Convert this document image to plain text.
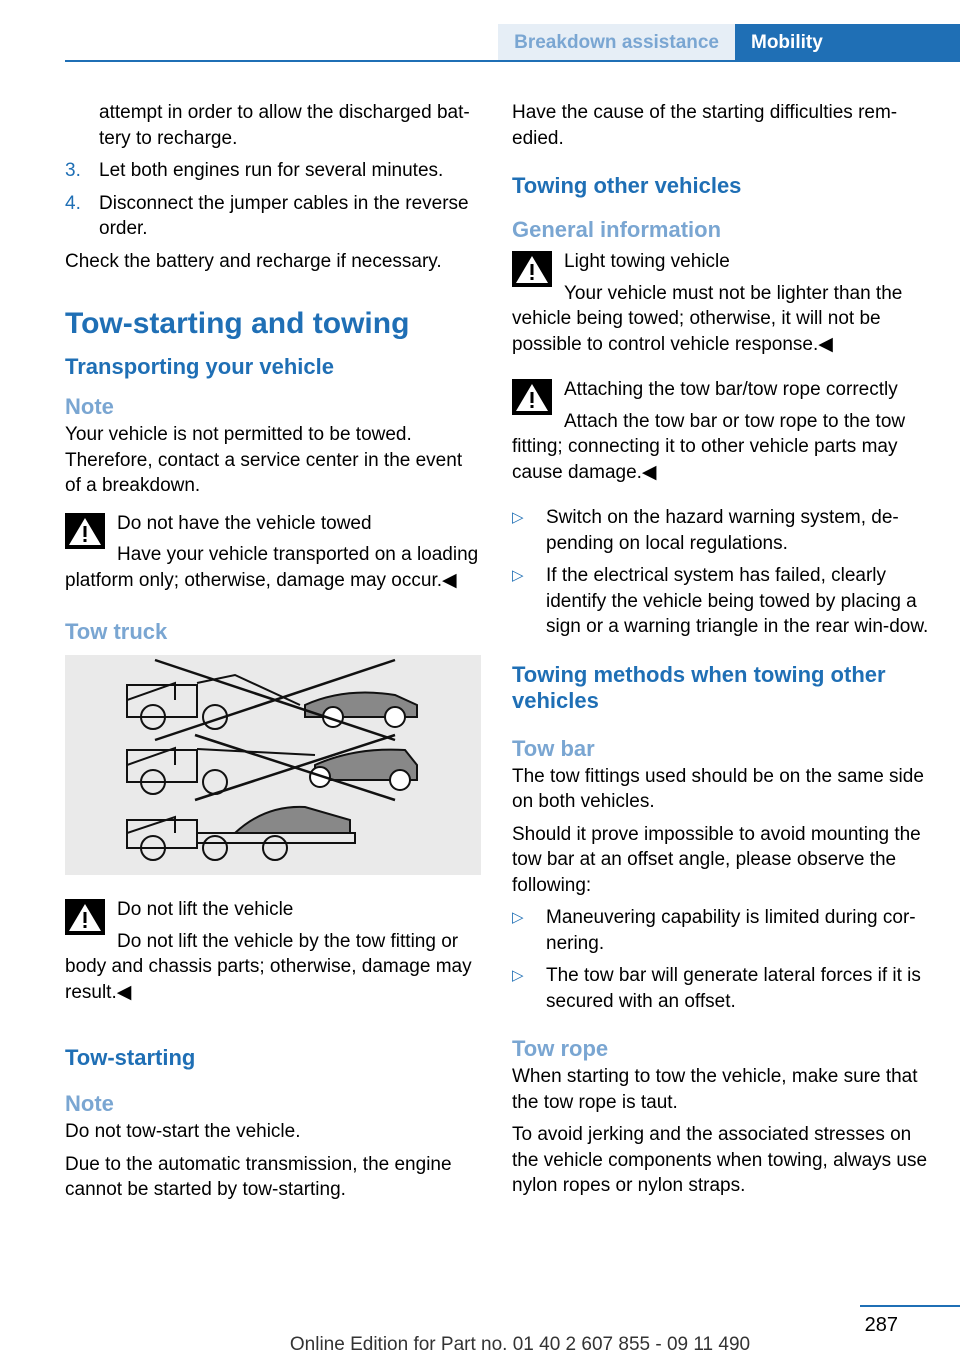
Breakdown assistance	Mobility

attempt in order to allow the discharged bat‐tery to recharge.

3. Let both engines run for several minutes.
4. Disconnect the jumper cables in the reverse order.

Check the battery and recharge if necessary.

Tow-starting and towing
Transporting your vehicle
Note

Your vehicle is not permitted to be towed. Therefore, contact a service center in the event of a breakdown.

Do not have the vehicle towed
Have your vehicle transported on a loading platform only; otherwise, damage may occur.◀
Tow truck
Do not lift the vehicle
Do not lift the vehicle by the tow fitting or body and chassis parts; otherwise, damage may result.◀
Tow-starting
Note

Do not tow-start the vehicle.

Due to the automatic transmission, the engine cannot be started by tow-starting.

Have the cause of the starting difficulties rem‐edied.

Towing other vehicles
General information
Light towing vehicle
Your vehicle must not be lighter than the vehicle being towed; otherwise, it will not be possible to control vehicle response.◀
Attaching the tow bar/tow rope correctly
Attach the tow bar or tow rope to the tow fitting; connecting it to other vehicle parts may cause damage.◀
▷ Switch on the hazard warning system, de‐pending on local regulations.
▷ If the electrical system has failed, clearly identify the vehicle being towed by placing a sign or a warning triangle in the rear win‐dow.
Towing methods when towing other vehicles
Tow bar

The tow fittings used should be on the same side on both vehicles.

Should it prove impossible to avoid mounting the tow bar at an offset angle, please observe the following:

▷ Maneuvering capability is limited during cor‐nering.
▷ The tow bar will generate lateral forces if it is secured with an offset.
Tow rope

When starting to tow the vehicle, make sure that the tow rope is taut.

To avoid jerking and the associated stresses on the vehicle components when towing, always use nylon ropes or nylon straps.

287
Online Edition for Part no. 01 40 2 607 855 - 09 11 490
